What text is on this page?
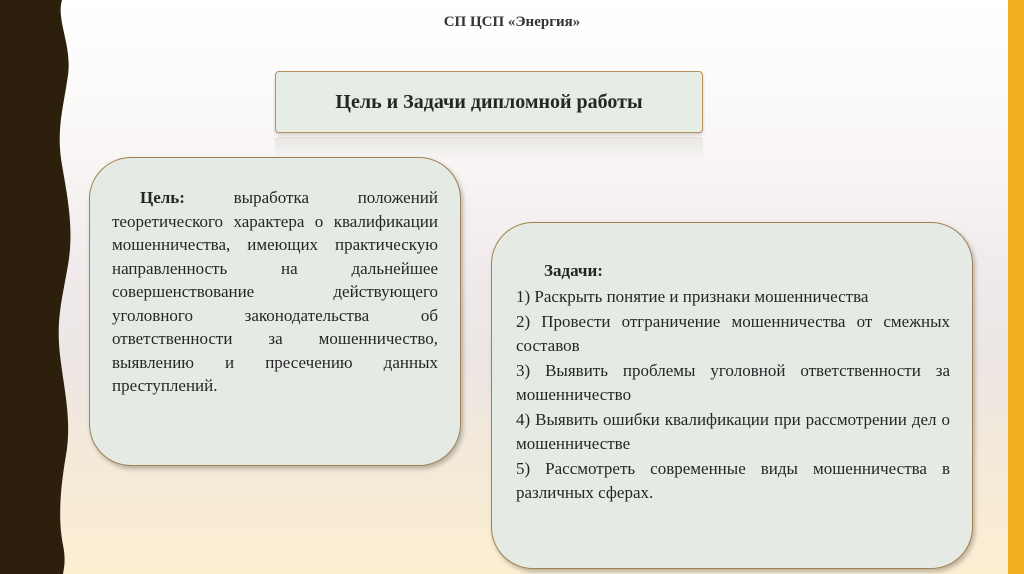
СП ЦСП «Энергия»
Цель и Задачи дипломной работы

Цель: выработка положений теоретического характера о квалификации мошенничества, имеющих практическую направленность на дальнейшее совершенствование действующего уголовного законодательства об ответственности за мошенничество, выявлению и пресечению данных преступлений.

Задачи:

1) Раскрыть понятие и признаки мошенничества

2) Провести отграничение мошенничества от смежных составов

3) Выявить проблемы уголовной ответственности за мошенничество

4) Выявить ошибки квалификации при рассмотрении дел о мошенничестве

5) Рассмотреть современные виды мошенничества в различных сферах.
